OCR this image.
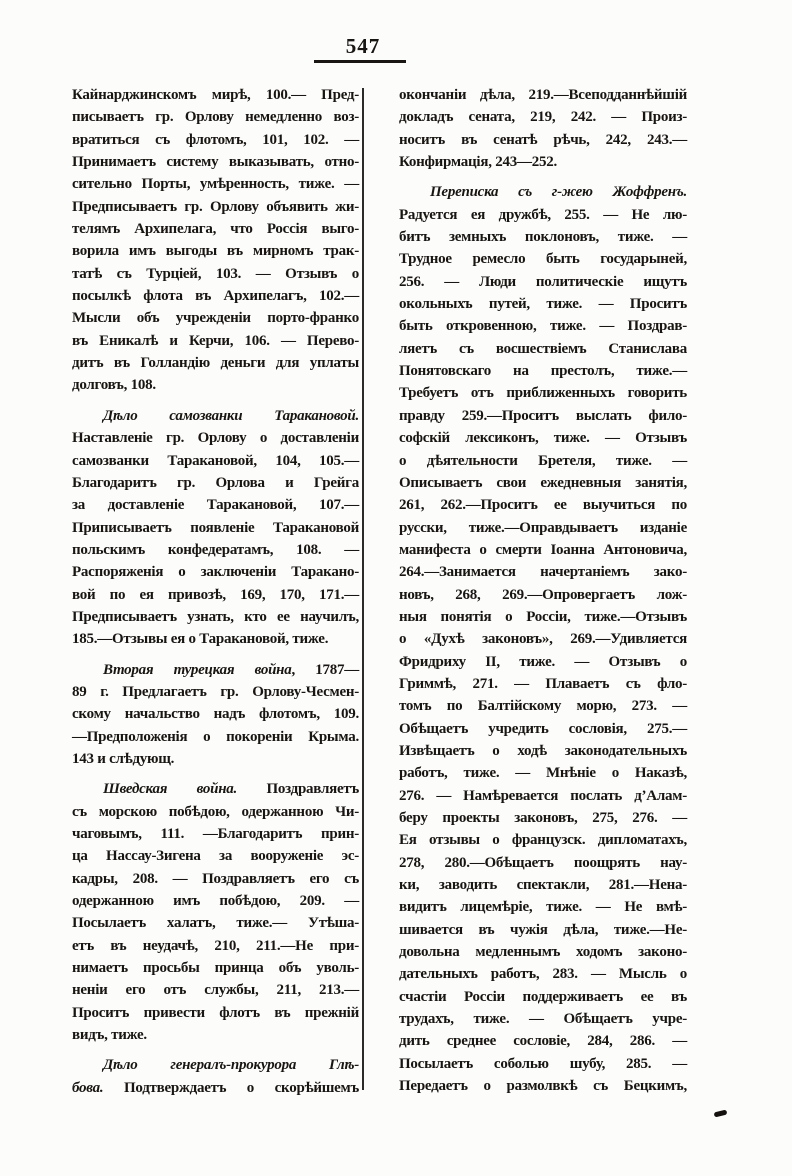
547
Кайнарджинскомъ мирѣ, 100.— Пред-
писываетъ гр. Орлову немедленно воз-
вратиться съ флотомъ, 101, 102. —
Принимаетъ систему выказывать, отно-
сительно Порты, умѣренность, тиже. —
Предписываетъ гр. Орлову объявить жи-
телямъ Архипелага, что Россія выго-
ворила имъ выгоды въ мирномъ трак-
татѣ съ Турціей, 103. — Отзывъ о
посылкѣ флота въ Архипелагъ, 102.—
Мысли объ учрежденіи порто-франко
въ Еникалѣ и Керчи, 106. — Перево-
дитъ въ Голландію деньги для уплаты
долговъ, 108.
Дѣло самозванки Таракановой.
Наставленіе гр. Орлову о доставленіи
самозванки Таракановой, 104, 105.—
Благодаритъ гр. Орлова и Грейга
за доставленіе Таракановой, 107.—
Приписываетъ появленіе Таракановой
польскимъ конфедератамъ, 108. —
Распоряженія о заключеніи Таракано-
вой по ея привозѣ, 169, 170, 171.—
Предписываетъ узнать, кто ее научилъ,
185.—Отзывы ея о Таракановой, тиже.
Вторая турецкая война, 1787—
89 г. Предлагаетъ гр. Орлову-Чесмен-
скому начальство надъ флотомъ, 109.
—Предположенія о покореніи Крыма.
143 и слѣдующ.
Шведская война. Поздравляетъ
съ морскою побѣдою, одержанною Чи-
чаговымъ, 111. —Благодаритъ прин-
ца Нассау-Зигена за вооруженіе эс-
кадры, 208. — Поздравляетъ его съ
одержанною имъ побѣдою, 209. —
Посылаетъ халатъ, тиже.— Утѣша-
етъ въ неудачѣ, 210, 211.—Не при-
нимаетъ просьбы принца объ уволь-
неніи его отъ службы, 211, 213.—
Проситъ привести флотъ въ прежній
видъ, тиже.
Дѣло генералъ-прокурора Глѣ-
бова. Подтверждаетъ о скорѣйшемъ
окончаніи дѣла, 219.—Всеподданнѣйшій
докладъ сената, 219, 242. — Произ-
носитъ въ сенатѣ рѣчь, 242, 243.—
Конфирмація, 243—252.
Переписка съ г-жею Жоффренъ.
Радуется ея дружбѣ, 255. — Не лю-
битъ земныхъ поклоновъ, тиже. —
Трудное ремесло быть государыней,
256. — Люди политическіе ищутъ
окольныхъ путей, тиже. — Проситъ
быть откровенною, тиже. — Поздрав-
ляетъ съ восшествіемъ Станислава
Понятовскаго на престолъ, тиже.—
Требуетъ отъ приближенныхъ говорить
правду 259.—Проситъ выслать фило-
софскій лексиконъ, тиже. — Отзывъ
о дѣятельности Бретеля, тиже. —
Описываетъ свои ежедневныя занятія,
261, 262.—Проситъ ее выучиться по
русски, тиже.—Оправдываетъ изданіе
манифеста о смерти Іоанна Антоновича,
264.—Занимается начертаніемъ зако-
новъ, 268, 269.—Опровергаетъ лож-
ныя понятія о Россіи, тиже.—Отзывъ
о «Духѣ законовъ», 269.—Удивляется
Фридриху II, тиже. — Отзывъ о
Гриммѣ, 271. — Плаваетъ съ фло-
томъ по Балтійскому морю, 273. —
Обѣщаетъ учредить сословія, 275.—
Извѣщаетъ о ходѣ законодательныхъ
работъ, тиже. — Мнѣніе о Наказѣ,
276. — Намѣревается послать д’Алам-
беру проекты законовъ, 275, 276. —
Ея отзывы о французск. дипломатахъ,
278, 280.—Обѣщаетъ поощрять нау-
ки, заводить спектакли, 281.—Нена-
видитъ лицемѣріе, тиже. — Не вмѣ-
шивается въ чужія дѣла, тиже.—Не-
довольна медленнымъ ходомъ законо-
дательныхъ работъ, 283. — Мысль о
счастіи Россіи поддерживаетъ ее въ
трудахъ, тиже. — Обѣщаетъ учре-
дить среднее сословіе, 284, 286. —
Посылаетъ соболью шубу, 285. —
Передаетъ о размолвкѣ съ Бецкимъ,
